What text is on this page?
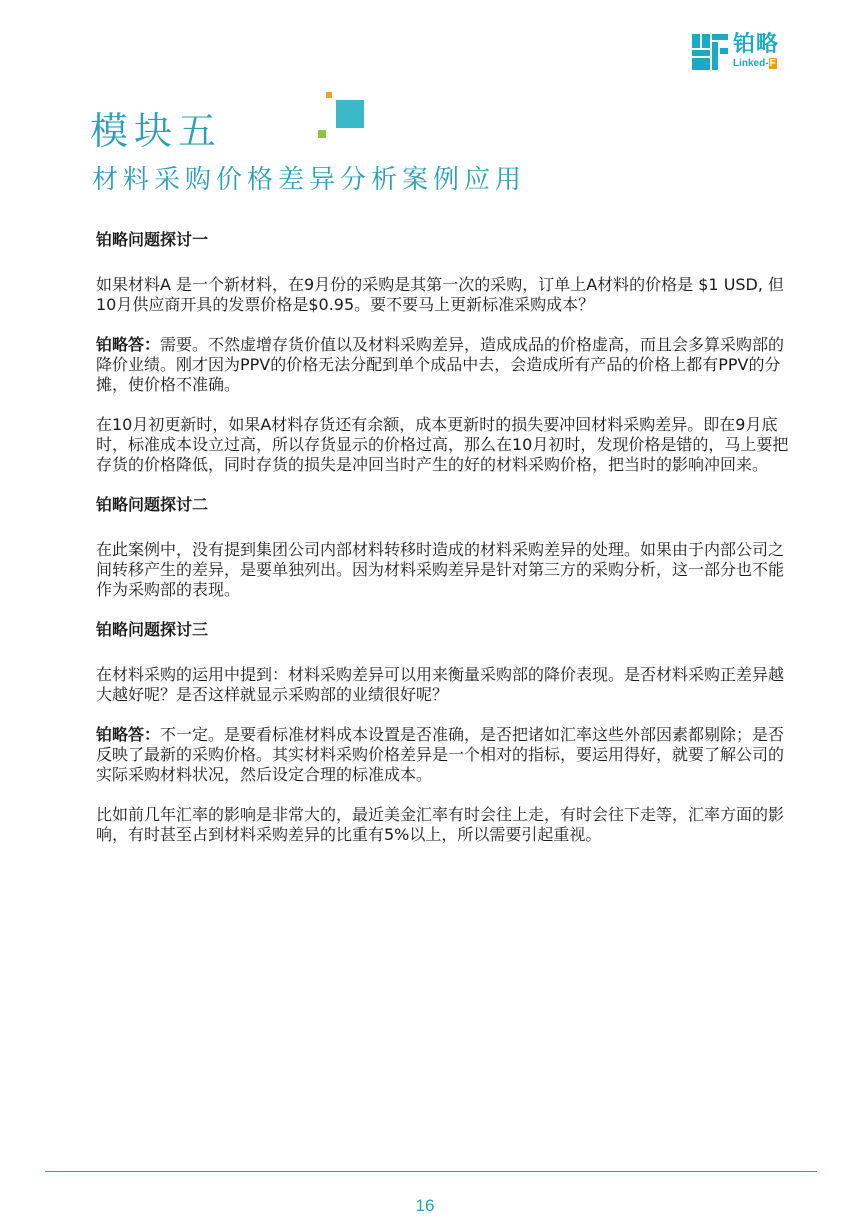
铂略
Linked-F
模块五
材料采购价格差异分析案例应用

铂略问题探讨一

如果材料A 是一个新材料，在9月份的采购是其第一次的采购，订单上A材料的价格是 $1 USD, 但10月供应商开具的发票价格是$0.95。要不要马上更新标准采购成本？

铂略答：需要。不然虚增存货价值以及材料采购差异，造成成品的价格虚高，而且会多算采购部的降价业绩。刚才因为PPV的价格无法分配到单个成品中去，会造成所有产品的价格上都有PPV的分摊，使价格不准确。

在10月初更新时，如果A材料存货还有余额，成本更新时的损失要冲回材料采购差异。即在9月底时，标准成本设立过高，所以存货显示的价格过高，那么在10月初时，发现价格是错的，马上要把存货的价格降低，同时存货的损失是冲回当时产生的好的材料采购价格，把当时的影响冲回来。

铂略问题探讨二

在此案例中，没有提到集团公司内部材料转移时造成的材料采购差异的处理。如果由于内部公司之间转移产生的差异，是要单独列出。因为材料采购差异是针对第三方的采购分析，这一部分也不能作为采购部的表现。

铂略问题探讨三

在材料采购的运用中提到：材料采购差异可以用来衡量采购部的降价表现。是否材料采购正差异越大越好呢？是否这样就显示采购部的业绩很好呢？

铂略答：不一定。是要看标准材料成本设置是否准确，是否把诸如汇率这些外部因素都剔除；是否反映了最新的采购价格。其实材料采购价格差异是一个相对的指标，要运用得好，就要了解公司的实际采购材料状况，然后设定合理的标准成本。

比如前几年汇率的影响是非常大的，最近美金汇率有时会往上走，有时会往下走等，汇率方面的影响，有时甚至占到材料采购差异的比重有5%以上，所以需要引起重视。

16
